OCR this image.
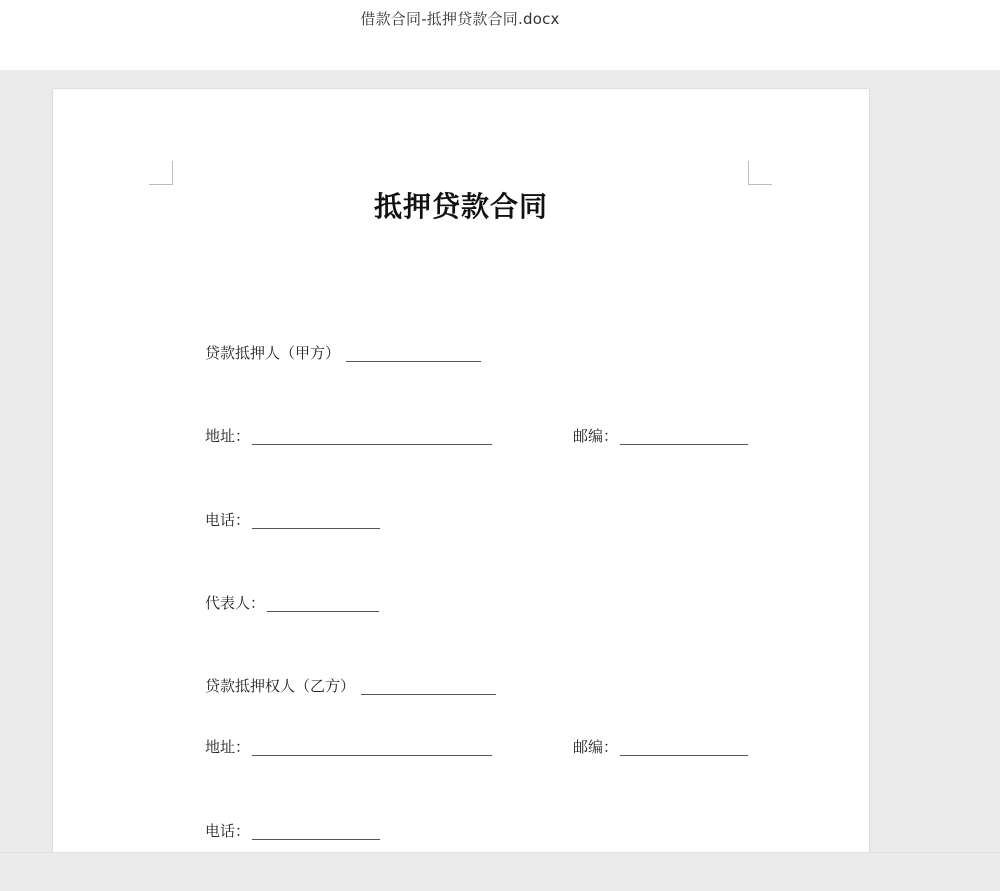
借款合同-抵押贷款合同.docx
抵押贷款合同
贷款抵押人（甲方）
地址：	邮编：
电话：
代表人：
贷款抵押权人（乙方）
地址：	邮编：
电话：
